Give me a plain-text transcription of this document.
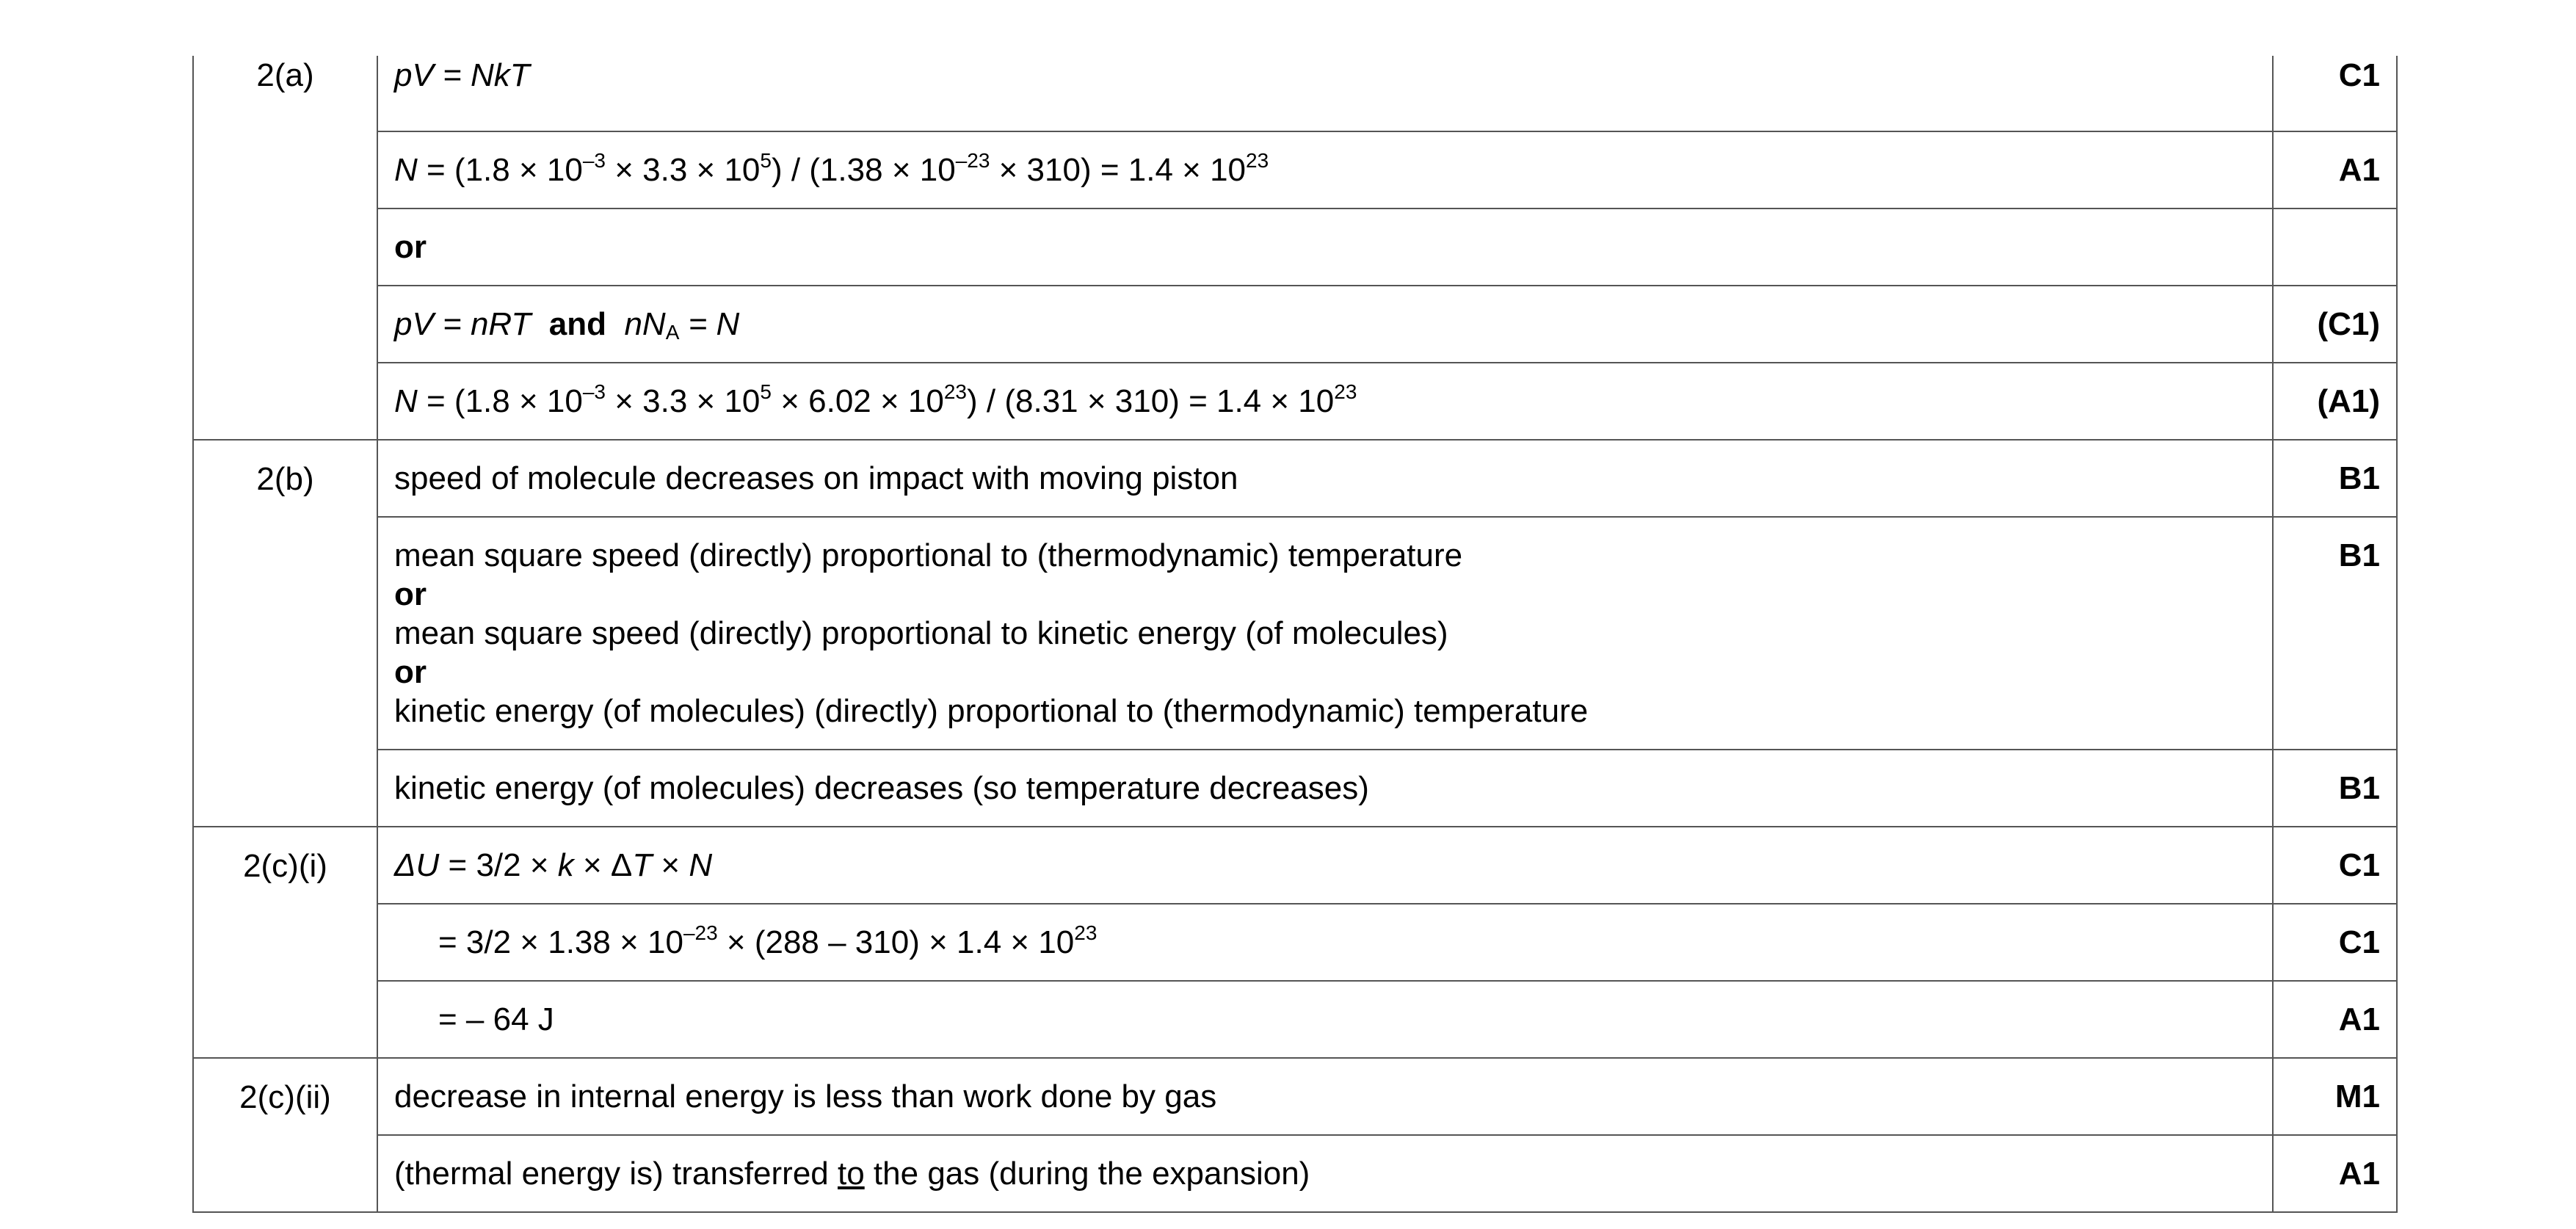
2(a)	pV = NkT	C1
	$N = (1.8 \times 10^{-3} \times 3.3 \times 10^5) / (1.38 \times 10^{-23} \times 310) = 1.4 \times 10^{23}$	A1
	or	
	pV = nRT and $nN_A = N$	(C1)
	$N = (1.8 \times 10^{-3} \times 3.3 \times 10^5 \times 6.02 \times 10^{23}) / (8.31 \times 310) = 1.4 \times 10^{23}$	(A1)

2(b)	speed of molecule decreases on impact with moving piston	B1

	mean square speed (directly) proportional to (thermodynamic) temperature
or
mean square speed (directly) proportional to kinetic energy (of molecules)
or
kinetic energy (of molecules) (directly) proportional to (thermodynamic) temperature	B1
	kinetic energy (of molecules) decreases (so temperature decreases)	B1

2(c)(i)	ΔU = 3/2 × k × ΔT × N	C1
	= $3/2 \times 1.38 \times 10^{-23} \times (288 - 310) \times 1.4 \times 10^{23}$	C1
	= – 64 J	A1

2(c)(ii)	decrease in internal energy is less than work done by gas	M1
	(thermal energy is) transferred to the gas (during the expansion)	A1
